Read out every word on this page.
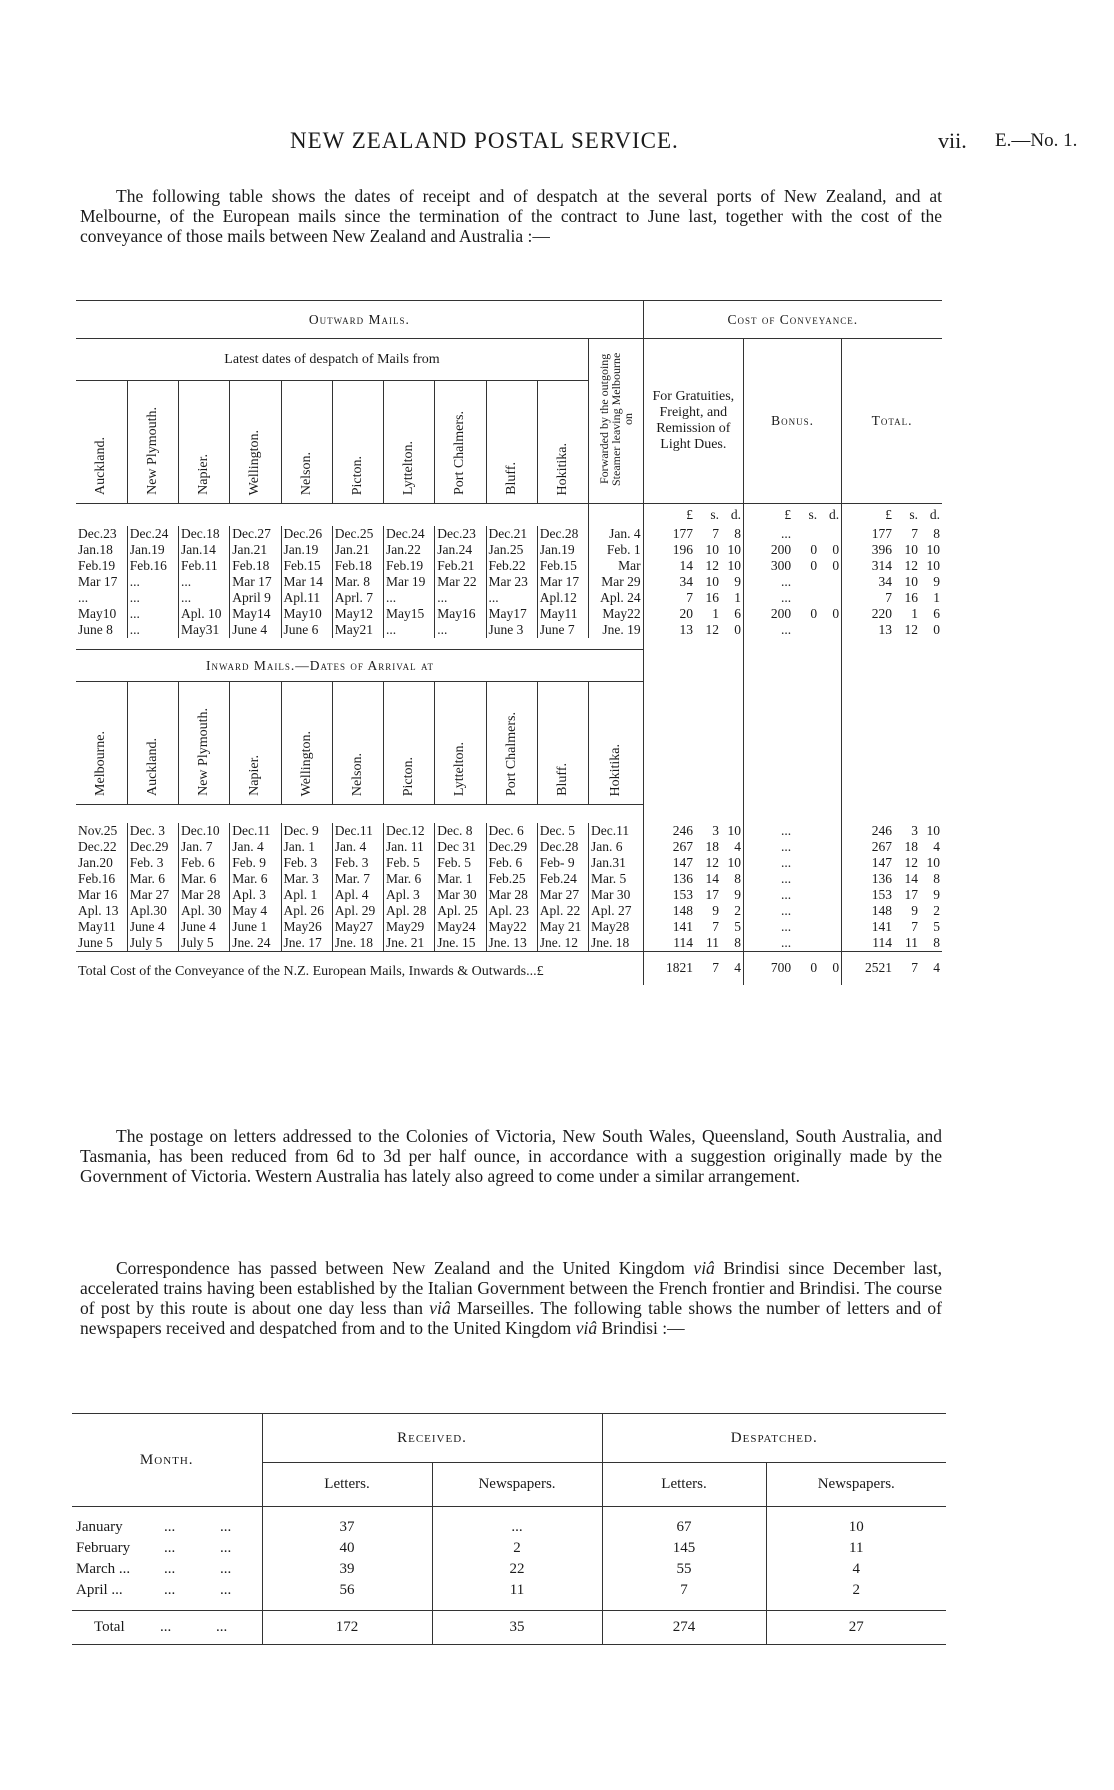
NEW ZEALAND POSTAL SERVICE.	vii. E.—No. 1.

The following table shows the dates of receipt and of despatch at the several ports of New Zealand, and at Melbourne, of the European mails since the termination of the contract to June last, together with the cost of the conveyance of those mails between New Zealand and Australia :—

Outward Mails.											Cost of Conveyance.		
Latest dates of despatch of Mails from										Forwarded by the outgoing Steamer leaving Melbourne on	For Gratuities, Freight, and Remission of Light Dues.	Bonus.	Total.
Auckland.	New Plymouth.	Napier.	Wellington.	Nelson.	Picton.	Lyttelton.	Port Chalmers.	Bluff.	Hokitika.				
											£ s. d.	£ s. d.	£ s. d.
Dec.23	Dec.24	Dec.18	Dec.27	Dec.26	Dec.25	Dec.24	Dec.23	Dec.21	Dec.28	Jan. 4	177 7 8	...	177 7 8
Jan.18	Jan.19	Jan.14	Jan.21	Jan.19	Jan.21	Jan.22	Jan.24	Jan.25	Jan.19	Feb. 1	196 10 10	200 0 0	396 10 10
Feb.19	Feb.16	Feb.11	Feb.18	Feb.15	Feb.18	Feb.19	Feb.21	Feb.22	Feb.15	Mar	14 12 10	300 0 0	314 12 10
Mar 17	...	...	Mar 17	Mar 14	Mar. 8	Mar 19	Mar 22	Mar 23	Mar 17	Mar 29	34 10 9	...	34 10 9
...	...	...	April 9	Apl.11	Aprl. 7	...	...	...	Apl.12	Apl. 24	7 16 1	...	7 16 1
May10	...	Apl. 10	May14	May10	May12	May15	May16	May17	May11	May22	20 1 6	200 0 0	220 1 6
June 8	...	May31	June 4	June 6	May21	...	...	June 3	June 7	Jne. 19	13 12 0	...	13 12 0

Inward Mails.—Dates of Arrival at													
Melbourne.	Auckland.	New Plymouth.	Napier.	Wellington.	Nelson.	Picton.	Lyttelton.	Port Chalmers.	Bluff.	Hokitika.			

Nov.25	Dec. 3	Dec.10	Dec.11	Dec. 9	Dec.11	Dec.12	Dec. 8	Dec. 6	Dec. 5	Dec.11	246 3 10	...	246 3 10
Dec.22	Dec.29	Jan. 7	Jan. 4	Jan. 1	Jan. 4	Jan. 11	Dec 31	Dec.29	Dec.28	Jan. 6	267 18 4	...	267 18 4
Jan.20	Feb. 3	Feb. 6	Feb. 9	Feb. 3	Feb. 3	Feb. 5	Feb. 5	Feb. 6	Feb- 9	Jan.31	147 12 10	...	147 12 10
Feb.16	Mar. 6	Mar. 6	Mar. 6	Mar. 3	Mar. 7	Mar. 6	Mar. 1	Feb.25	Feb.24	Mar. 5	136 14 8	...	136 14 8
Mar 16	Mar 27	Mar 28	Apl. 3	Apl. 1	Apl. 4	Apl. 3	Mar 30	Mar 28	Mar 27	Mar 30	153 17 9	...	153 17 9
Apl. 13	Apl.30	Apl. 30	May 4	Apl. 26	Apl. 29	Apl. 28	Apl. 25	Apl. 23	Apl. 22	Apl. 27	148 9 2	...	148 9 2
May11	June 4	June 4	June 1	May26	May27	May29	May24	May22	May 21	May28	141 7 5	...	141 7 5
June 5	July 5	July 5	Jne. 24	Jne. 17	Jne. 18	Jne. 21	Jne. 15	Jne. 13	Jne. 12	Jne. 18	114 11 8	...	114 11 8
Total Cost of the Conveyance of the N.Z. European Mails, Inwards & Outwards...£											1821 7 4	700 0 0	2521 7 4

The postage on letters addressed to the Colonies of Victoria, New South Wales, Queensland, South Australia, and Tasmania, has been reduced from 6d to 3d per half ounce, in accordance with a suggestion originally made by the Government of Victoria. Western Australia has lately also agreed to come under a similar arrangement.

Correspondence has passed between New Zealand and the United Kingdom viâ Brindisi since December last, accelerated trains having been established by the Italian Government between the French frontier and Brindisi. The course of post by this route is about one day less than viâ Marseilles. The following table shows the number of letters and of newspapers received and despatched from and to the United Kingdom viâ Brindisi :—

Month.	Received.		Despatched.	
	Letters.	Newspapers.	Letters.	Newspapers.

January ... ...	37	...	67	10
February ... ...	40	2	145	11
March ... ... ...	39	22	55	4
April ... ... ...	56	11	7	2

Total ... ...	172	35	274	27
